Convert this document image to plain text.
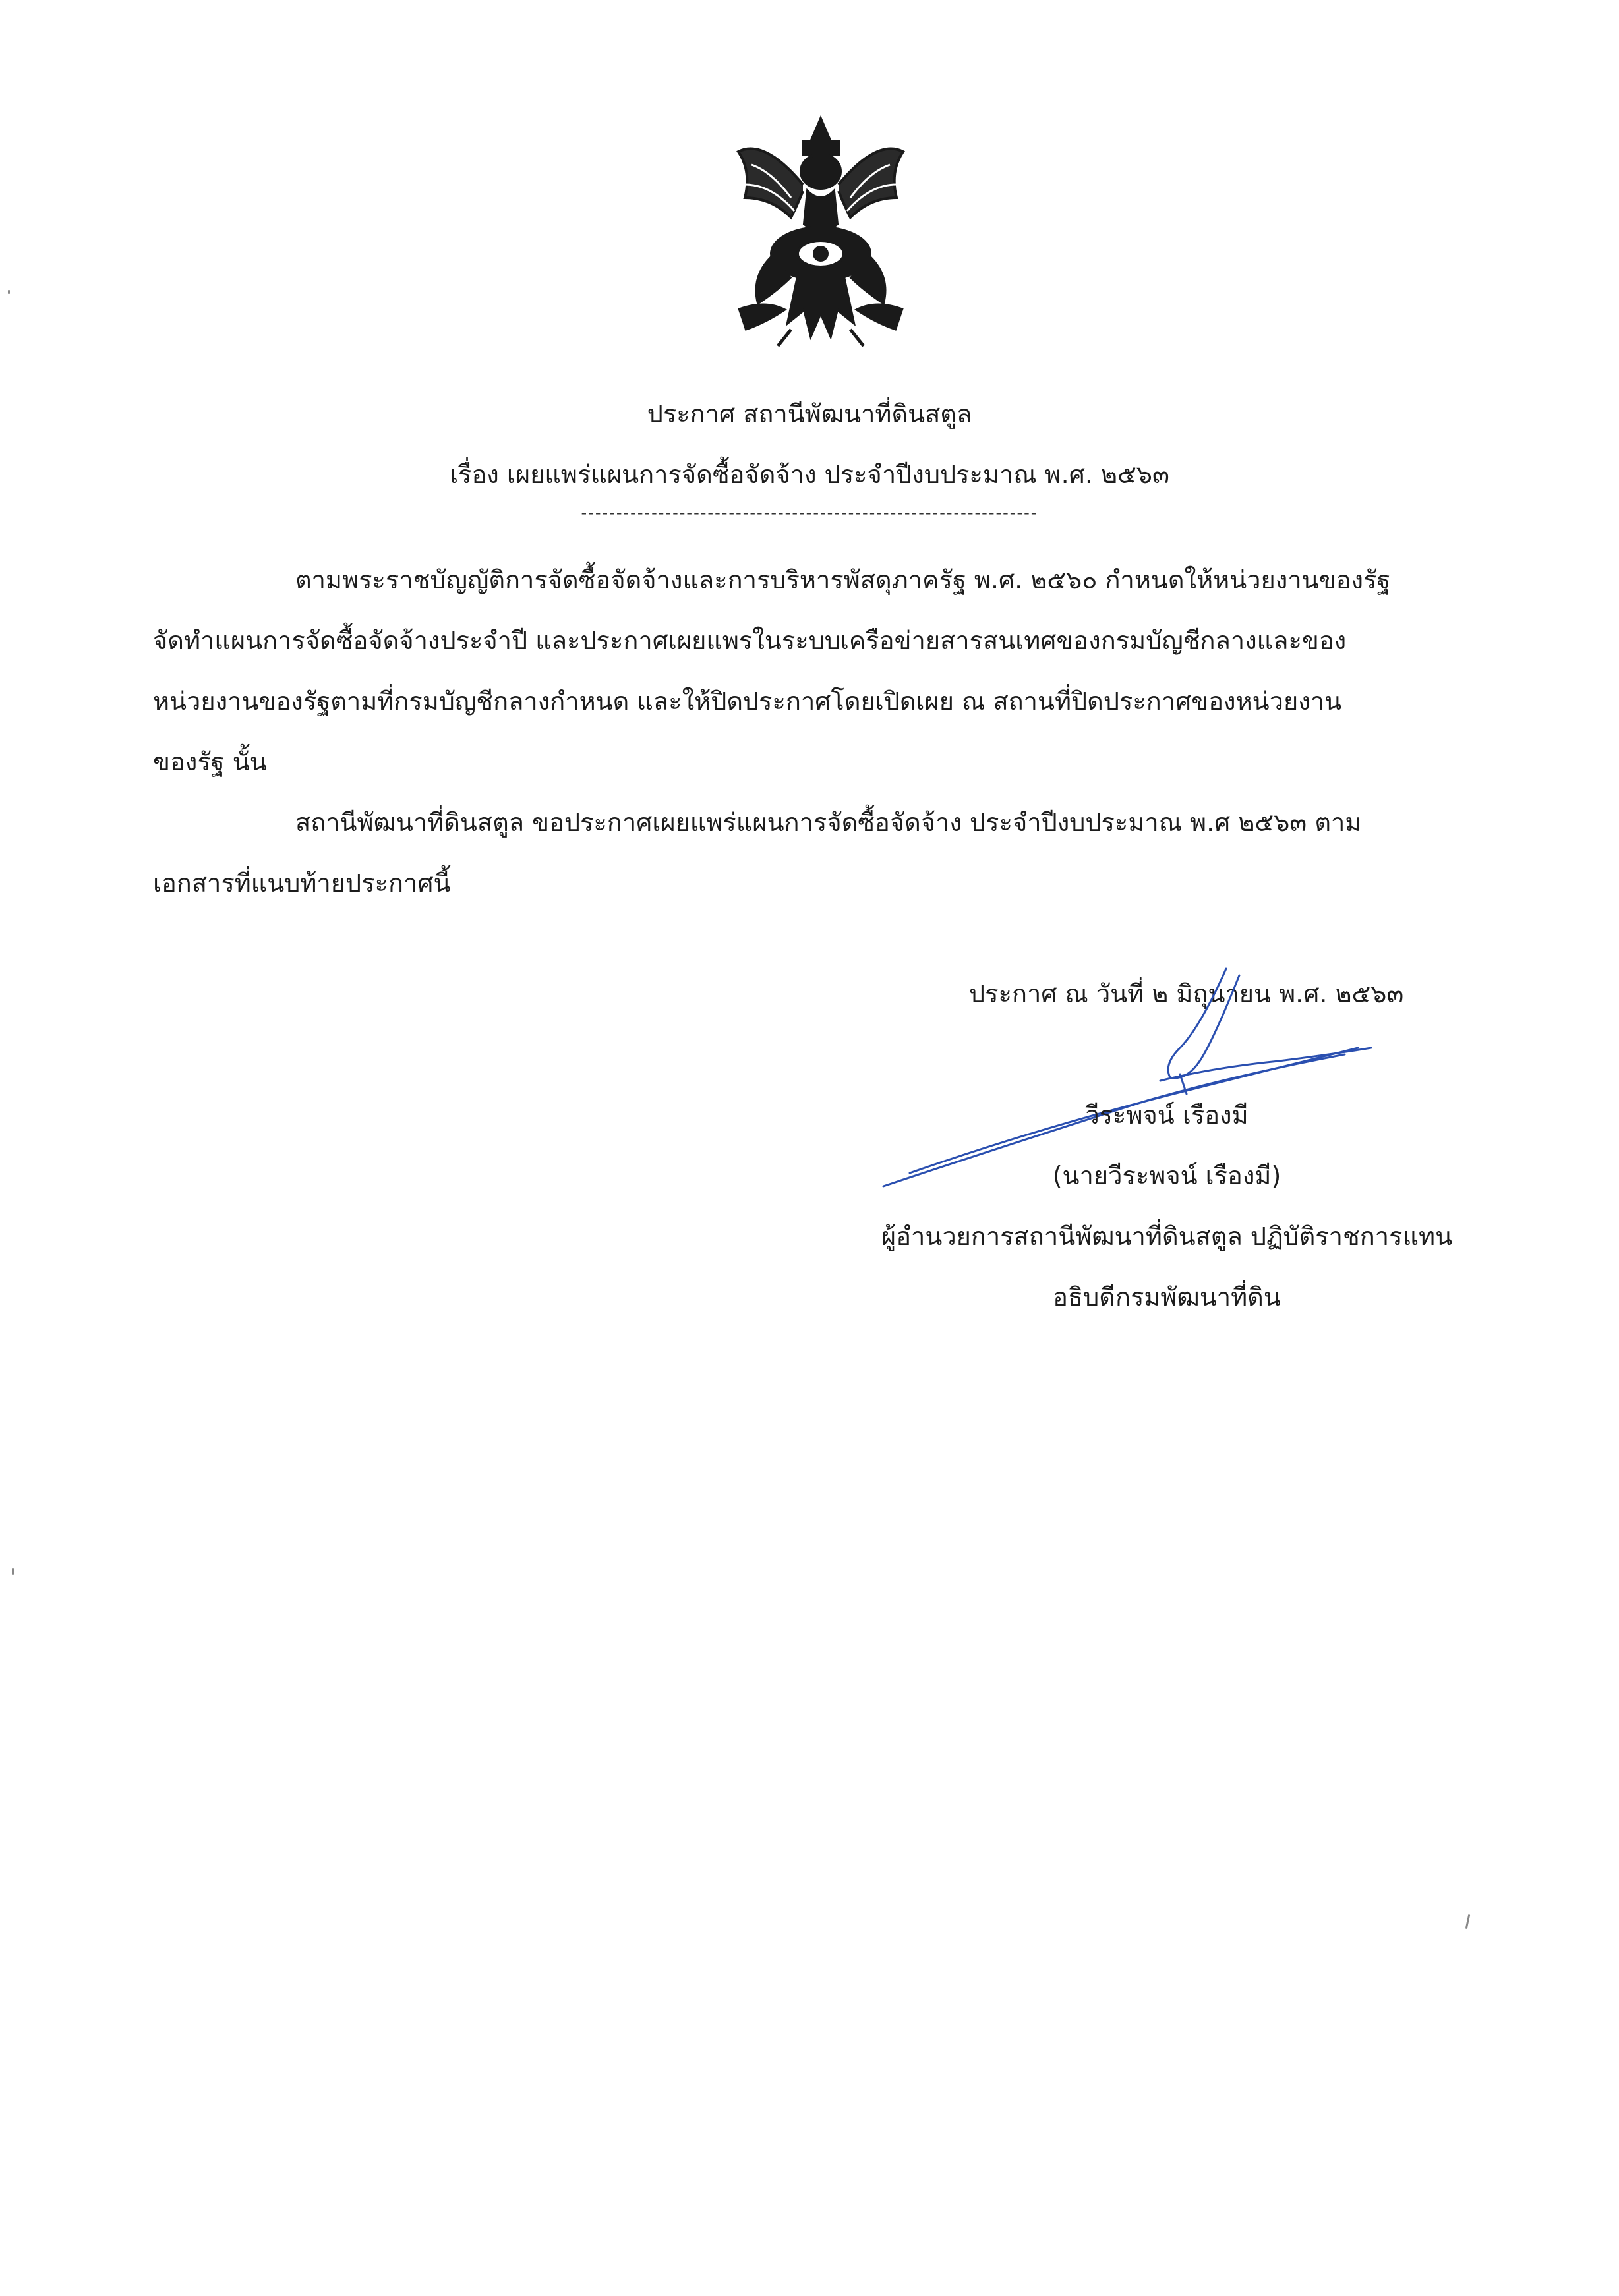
ประกาศ สถานีพัฒนาที่ดินสตูล
เรื่อง เผยแพร่แผนการจัดซื้อจัดจ้าง ประจำปีงบประมาณ พ.ศ. ๒๕๖๓
-----------------------------------------------------------------
ตามพระราชบัญญัติการจัดซื้อจัดจ้างและการบริหารพัสดุภาครัฐ พ.ศ. ๒๕๖๐ กำหนดให้หน่วยงานของรัฐ
จัดทำแผนการจัดซื้อจัดจ้างประจำปี และประกาศเผยแพรในระบบเครือข่ายสารสนเทศของกรมบัญชีกลางและของ
หน่วยงานของรัฐตามที่กรมบัญชีกลางกำหนด และให้ปิดประกาศโดยเปิดเผย ณ สถานที่ปิดประกาศของหน่วยงาน
ของรัฐ นั้น
สถานีพัฒนาที่ดินสตูล ขอประกาศเผยแพร่แผนการจัดซื้อจัดจ้าง ประจำปีงบประมาณ พ.ศ ๒๕๖๓ ตาม
เอกสารที่แนบท้ายประกาศนี้
ประกาศ ณ วันที่ ๒ มิถุนายน พ.ศ. ๒๕๖๓
วีระพจน์ เรืองมี
(นายวีระพจน์ เรืองมี)
ผู้อำนวยการสถานีพัฒนาที่ดินสตูล ปฏิบัติราชการแทน
อธิบดีกรมพัฒนาที่ดิน
